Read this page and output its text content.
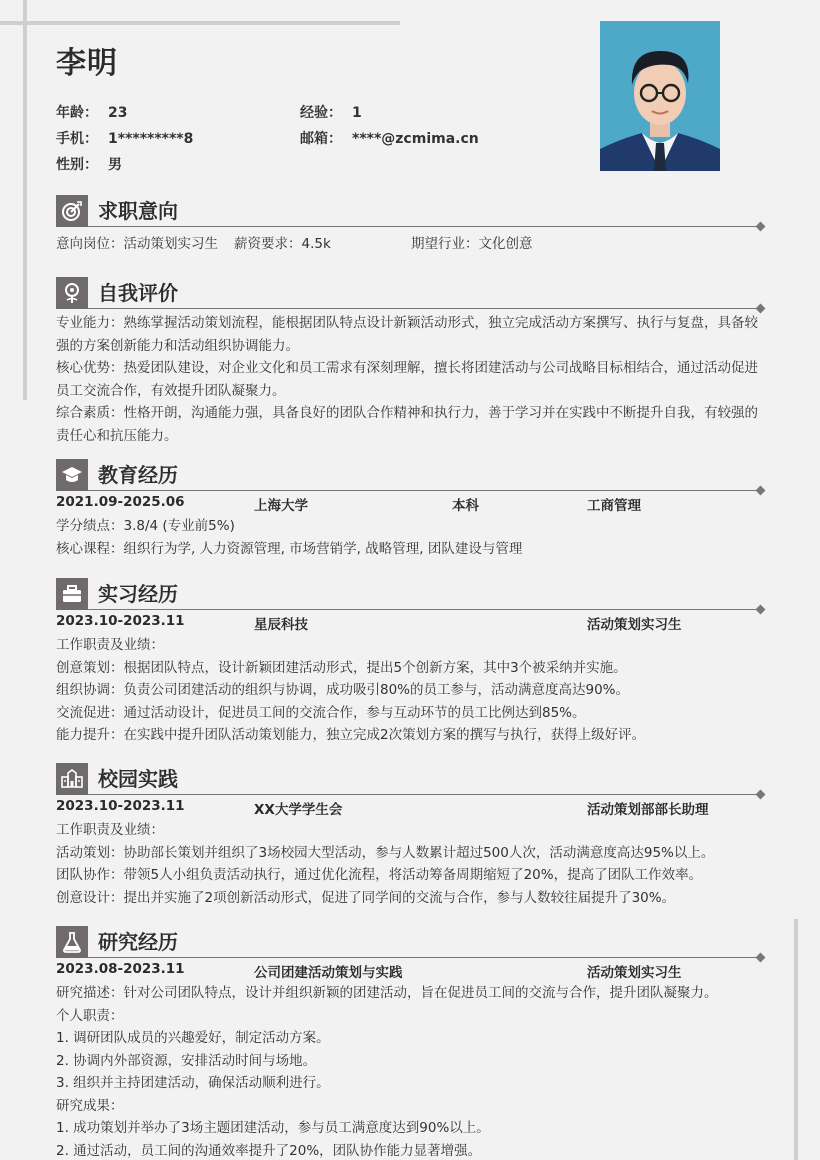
李明
年龄： 23	经验： 1
手机： 1*********8	邮箱： ****@zcmima.cn
性别： 男
求职意向
意向岗位：活动策划实习生 薪资要求：4.5k	期望行业：文化创意
自我评价
专业能力：熟练掌握活动策划流程，能根据团队特点设计新颖活动形式，独立完成活动方案撰写、执行与复盘，具备较强的方案创新能力和活动组织协调能力。
核心优势：热爱团队建设，对企业文化和员工需求有深刻理解，擅长将团建活动与公司战略目标相结合，通过活动促进员工交流合作，有效提升团队凝聚力。
综合素质：性格开朗，沟通能力强，具备良好的团队合作精神和执行力，善于学习并在实践中不断提升自我，有较强的责任心和抗压能力。
教育经历
2021.09-2025.06	上海大学	本科	工商管理
学分绩点：3.8/4 (专业前5%)
核心课程：组织行为学, 人力资源管理, 市场营销学, 战略管理, 团队建设与管理
实习经历
2023.10-2023.11	星辰科技	活动策划实习生
工作职责及业绩：
创意策划：根据团队特点，设计新颖团建活动形式，提出5个创新方案，其中3个被采纳并实施。
组织协调：负责公司团建活动的组织与协调，成功吸引80%的员工参与，活动满意度高达90%。
交流促进：通过活动设计，促进员工间的交流合作，参与互动环节的员工比例达到85%。
能力提升：在实践中提升团队活动策划能力，独立完成2次策划方案的撰写与执行，获得上级好评。
校园实践
2023.10-2023.11	XX大学学生会	活动策划部部长助理
工作职责及业绩：
活动策划：协助部长策划并组织了3场校园大型活动，参与人数累计超过500人次，活动满意度高达95%以上。
团队协作：带领5人小组负责活动执行，通过优化流程，将活动筹备周期缩短了20%，提高了团队工作效率。
创意设计：提出并实施了2项创新活动形式，促进了同学间的交流与合作，参与人数较往届提升了30%。
研究经历
2023.08-2023.11	公司团建活动策划与实践	活动策划实习生
研究描述：针对公司团队特点，设计并组织新颖的团建活动，旨在促进员工间的交流与合作，提升团队凝聚力。
个人职责：
1. 调研团队成员的兴趣爱好，制定活动方案。
2. 协调内外部资源，安排活动时间与场地。
3. 组织并主持团建活动，确保活动顺利进行。
研究成果：
1. 成功策划并举办了3场主题团建活动，参与员工满意度达到90%以上。
2. 通过活动，员工间的沟通效率提升了20%，团队协作能力显著增强。
